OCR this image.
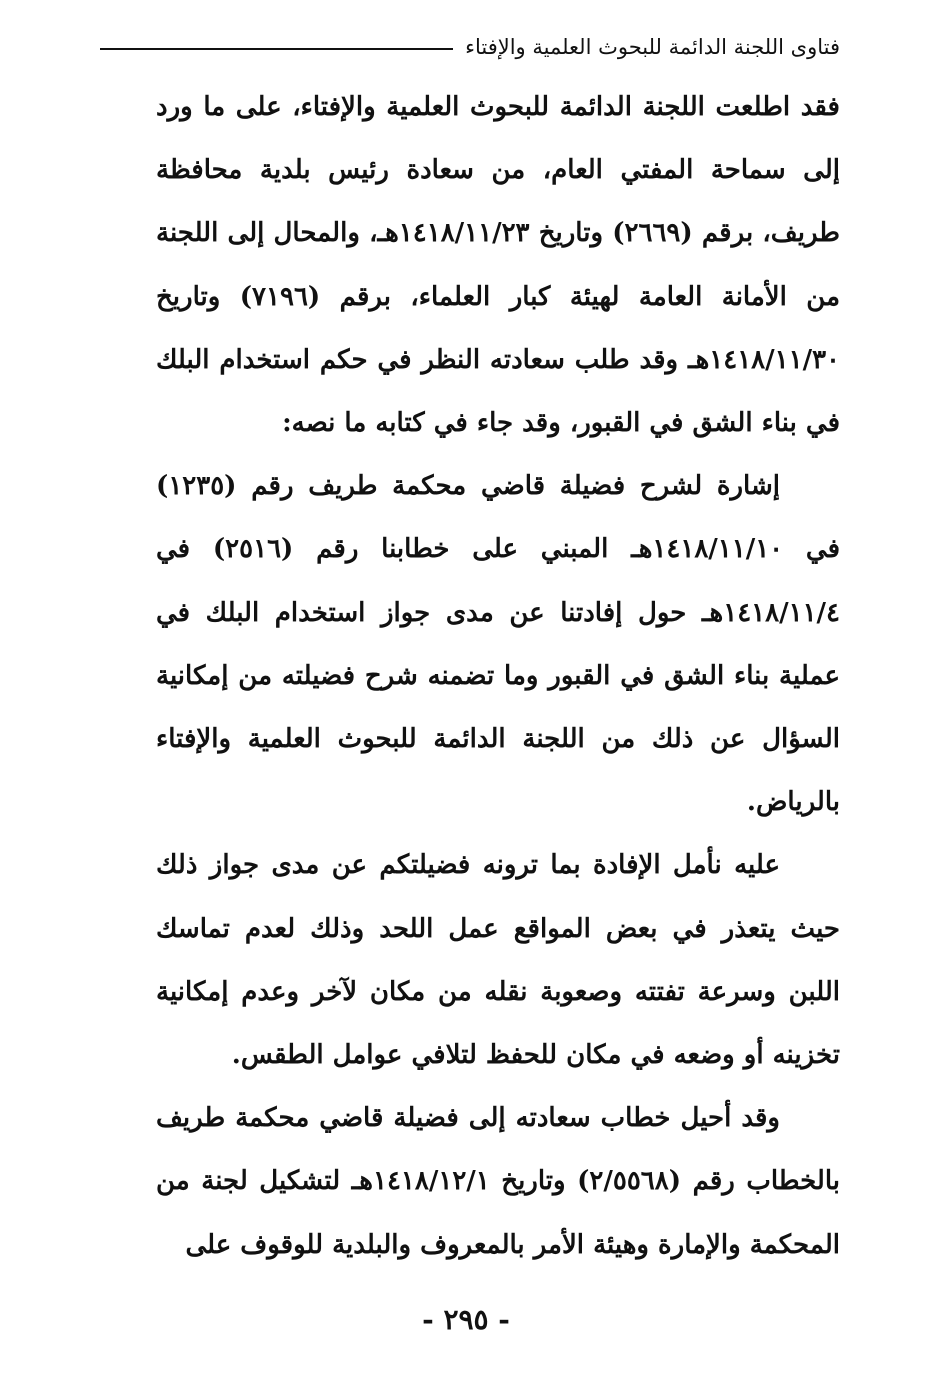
فتاوى اللجنة الدائمة للبحوث العلمية والإفتاء

فقد اطلعت اللجنة الدائمة للبحوث العلمية والإفتاء، على ما ورد إلى سماحة المفتي العام، من سعادة رئيس بلدية محافظة طريف، برقم (٢٦٦٩) وتاريخ ١٤١٨/١١/٢٣هـ، والمحال إلى اللجنة من الأمانة العامة لهيئة كبار العلماء، برقم (٧١٩٦) وتاريخ ١٤١٨/١١/٣٠هـ وقد طلب سعادته النظر في حكم استخدام البلك في بناء الشق في القبور، وقد جاء في كتابه ما نصه:

إشارة لشرح فضيلة قاضي محكمة طريف رقم (١٢٣٥) في ١٤١٨/١١/١٠هـ المبني على خطابنا رقم (٢٥١٦) في ١٤١٨/١١/٤هـ حول إفادتنا عن مدى جواز استخدام البلك في عملية بناء الشق في القبور وما تضمنه شرح فضيلته من إمكانية السؤال عن ذلك من اللجنة الدائمة للبحوث العلمية والإفتاء بالرياض.

عليه نأمل الإفادة بما ترونه فضيلتكم عن مدى جواز ذلك حيث يتعذر في بعض المواقع عمل اللحد وذلك لعدم تماسك اللبن وسرعة تفتته وصعوبة نقله من مكان لآخر وعدم إمكانية تخزينه أو وضعه في مكان للحفظ لتلافي عوامل الطقس.

وقد أحيل خطاب سعادته إلى فضيلة قاضي محكمة طريف بالخطاب رقم (٢/٥٥٦٨) وتاريخ ١٤١٨/١٢/١هـ لتشكيل لجنة من المحكمة والإمارة وهيئة الأمر بالمعروف والبلدية للوقوف على

- ٢٩٥ -
